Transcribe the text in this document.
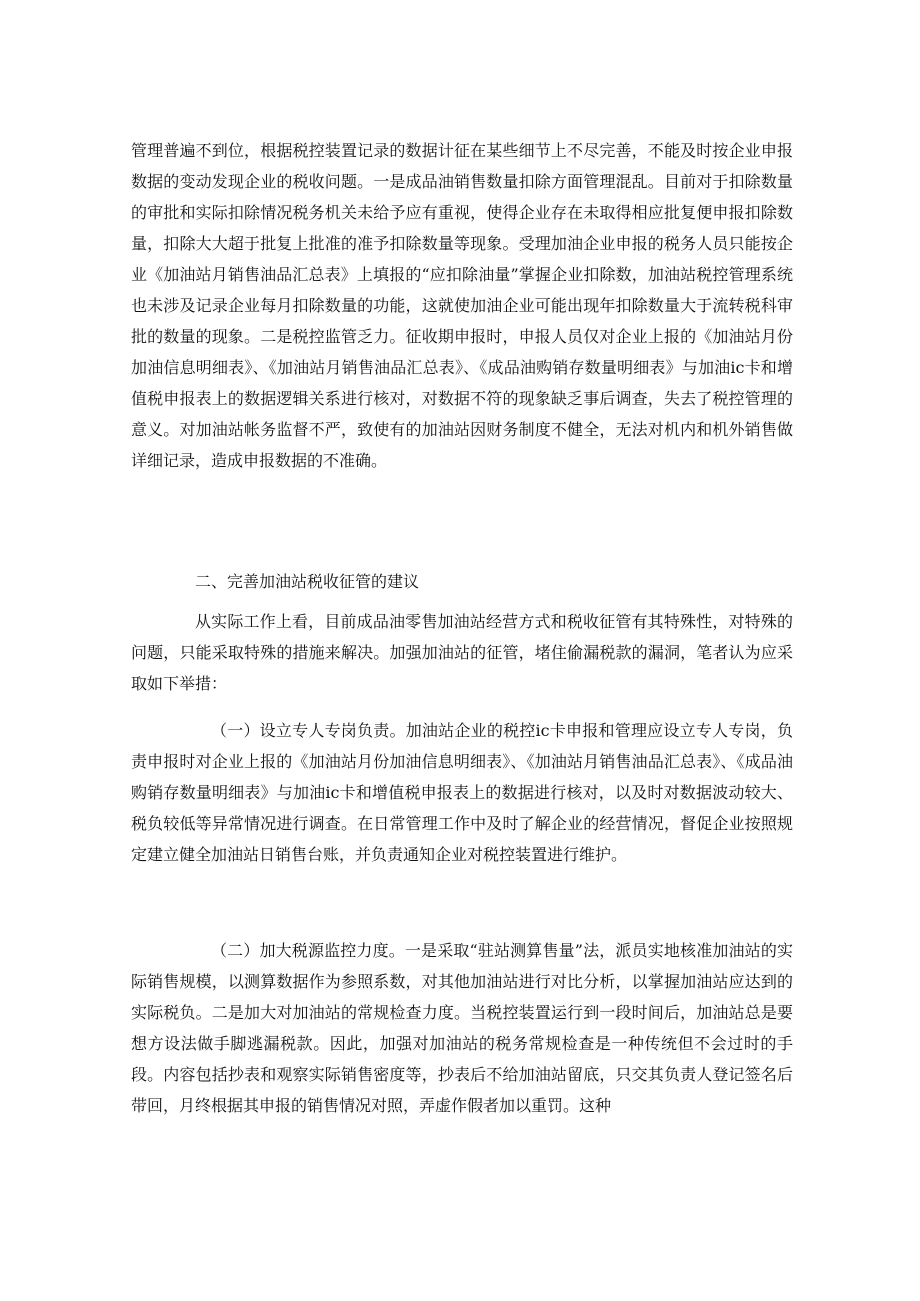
管理普遍不到位，根据税控装置记录的数据计征在某些细节上不尽完善，不能及时按企业申报数据的变动发现企业的税收问题。一是成品油销售数量扣除方面管理混乱。目前对于扣除数量的审批和实际扣除情况税务机关未给予应有重视，使得企业存在未取得相应批复便申报扣除数量，扣除大大超于批复上批准的准予扣除数量等现象。受理加油企业申报的税务人员只能按企业《加油站月销售油品汇总表》上填报的“应扣除油量”掌握企业扣除数，加油站税控管理系统也未涉及记录企业每月扣除数量的功能，这就使加油企业可能出现年扣除数量大于流转税科审批的数量的现象。二是税控监管乏力。征收期申报时，申报人员仅对企业上报的《加油站月份加油信息明细表》、《加油站月销售油品汇总表》、《成品油购销存数量明细表》与加油ic卡和增值税申报表上的数据逻辑关系进行核对，对数据不符的现象缺乏事后调查，失去了税控管理的意义。对加油站帐务监督不严，致使有的加油站因财务制度不健全，无法对机内和机外销售做详细记录，造成申报数据的不准确。
二、完善加油站税收征管的建议
从实际工作上看，目前成品油零售加油站经营方式和税收征管有其特殊性，对特殊的问题，只能采取特殊的措施来解决。加强加油站的征管，堵住偷漏税款的漏洞，笔者认为应采取如下举措：
（一）设立专人专岗负责。加油站企业的税控ic卡申报和管理应设立专人专岗，负责申报时对企业上报的《加油站月份加油信息明细表》、《加油站月销售油品汇总表》、《成品油购销存数量明细表》与加油ic卡和增值税申报表上的数据进行核对，以及时对数据波动较大、税负较低等异常情况进行调查。在日常管理工作中及时了解企业的经营情况，督促企业按照规定建立健全加油站日销售台账，并负责通知企业对税控装置进行维护。
（二）加大税源监控力度。一是采取“驻站测算售量”法，派员实地核准加油站的实际销售规模，以测算数据作为参照系数，对其他加油站进行对比分析，以掌握加油站应达到的实际税负。二是加大对加油站的常规检查力度。当税控装置运行到一段时间后，加油站总是要想方设法做手脚逃漏税款。因此，加强对加油站的税务常规检查是一种传统但不会过时的手段。内容包括抄表和观察实际销售密度等，抄表后不给加油站留底，只交其负责人登记签名后带回，月终根据其申报的销售情况对照，弄虚作假者加以重罚。这种
